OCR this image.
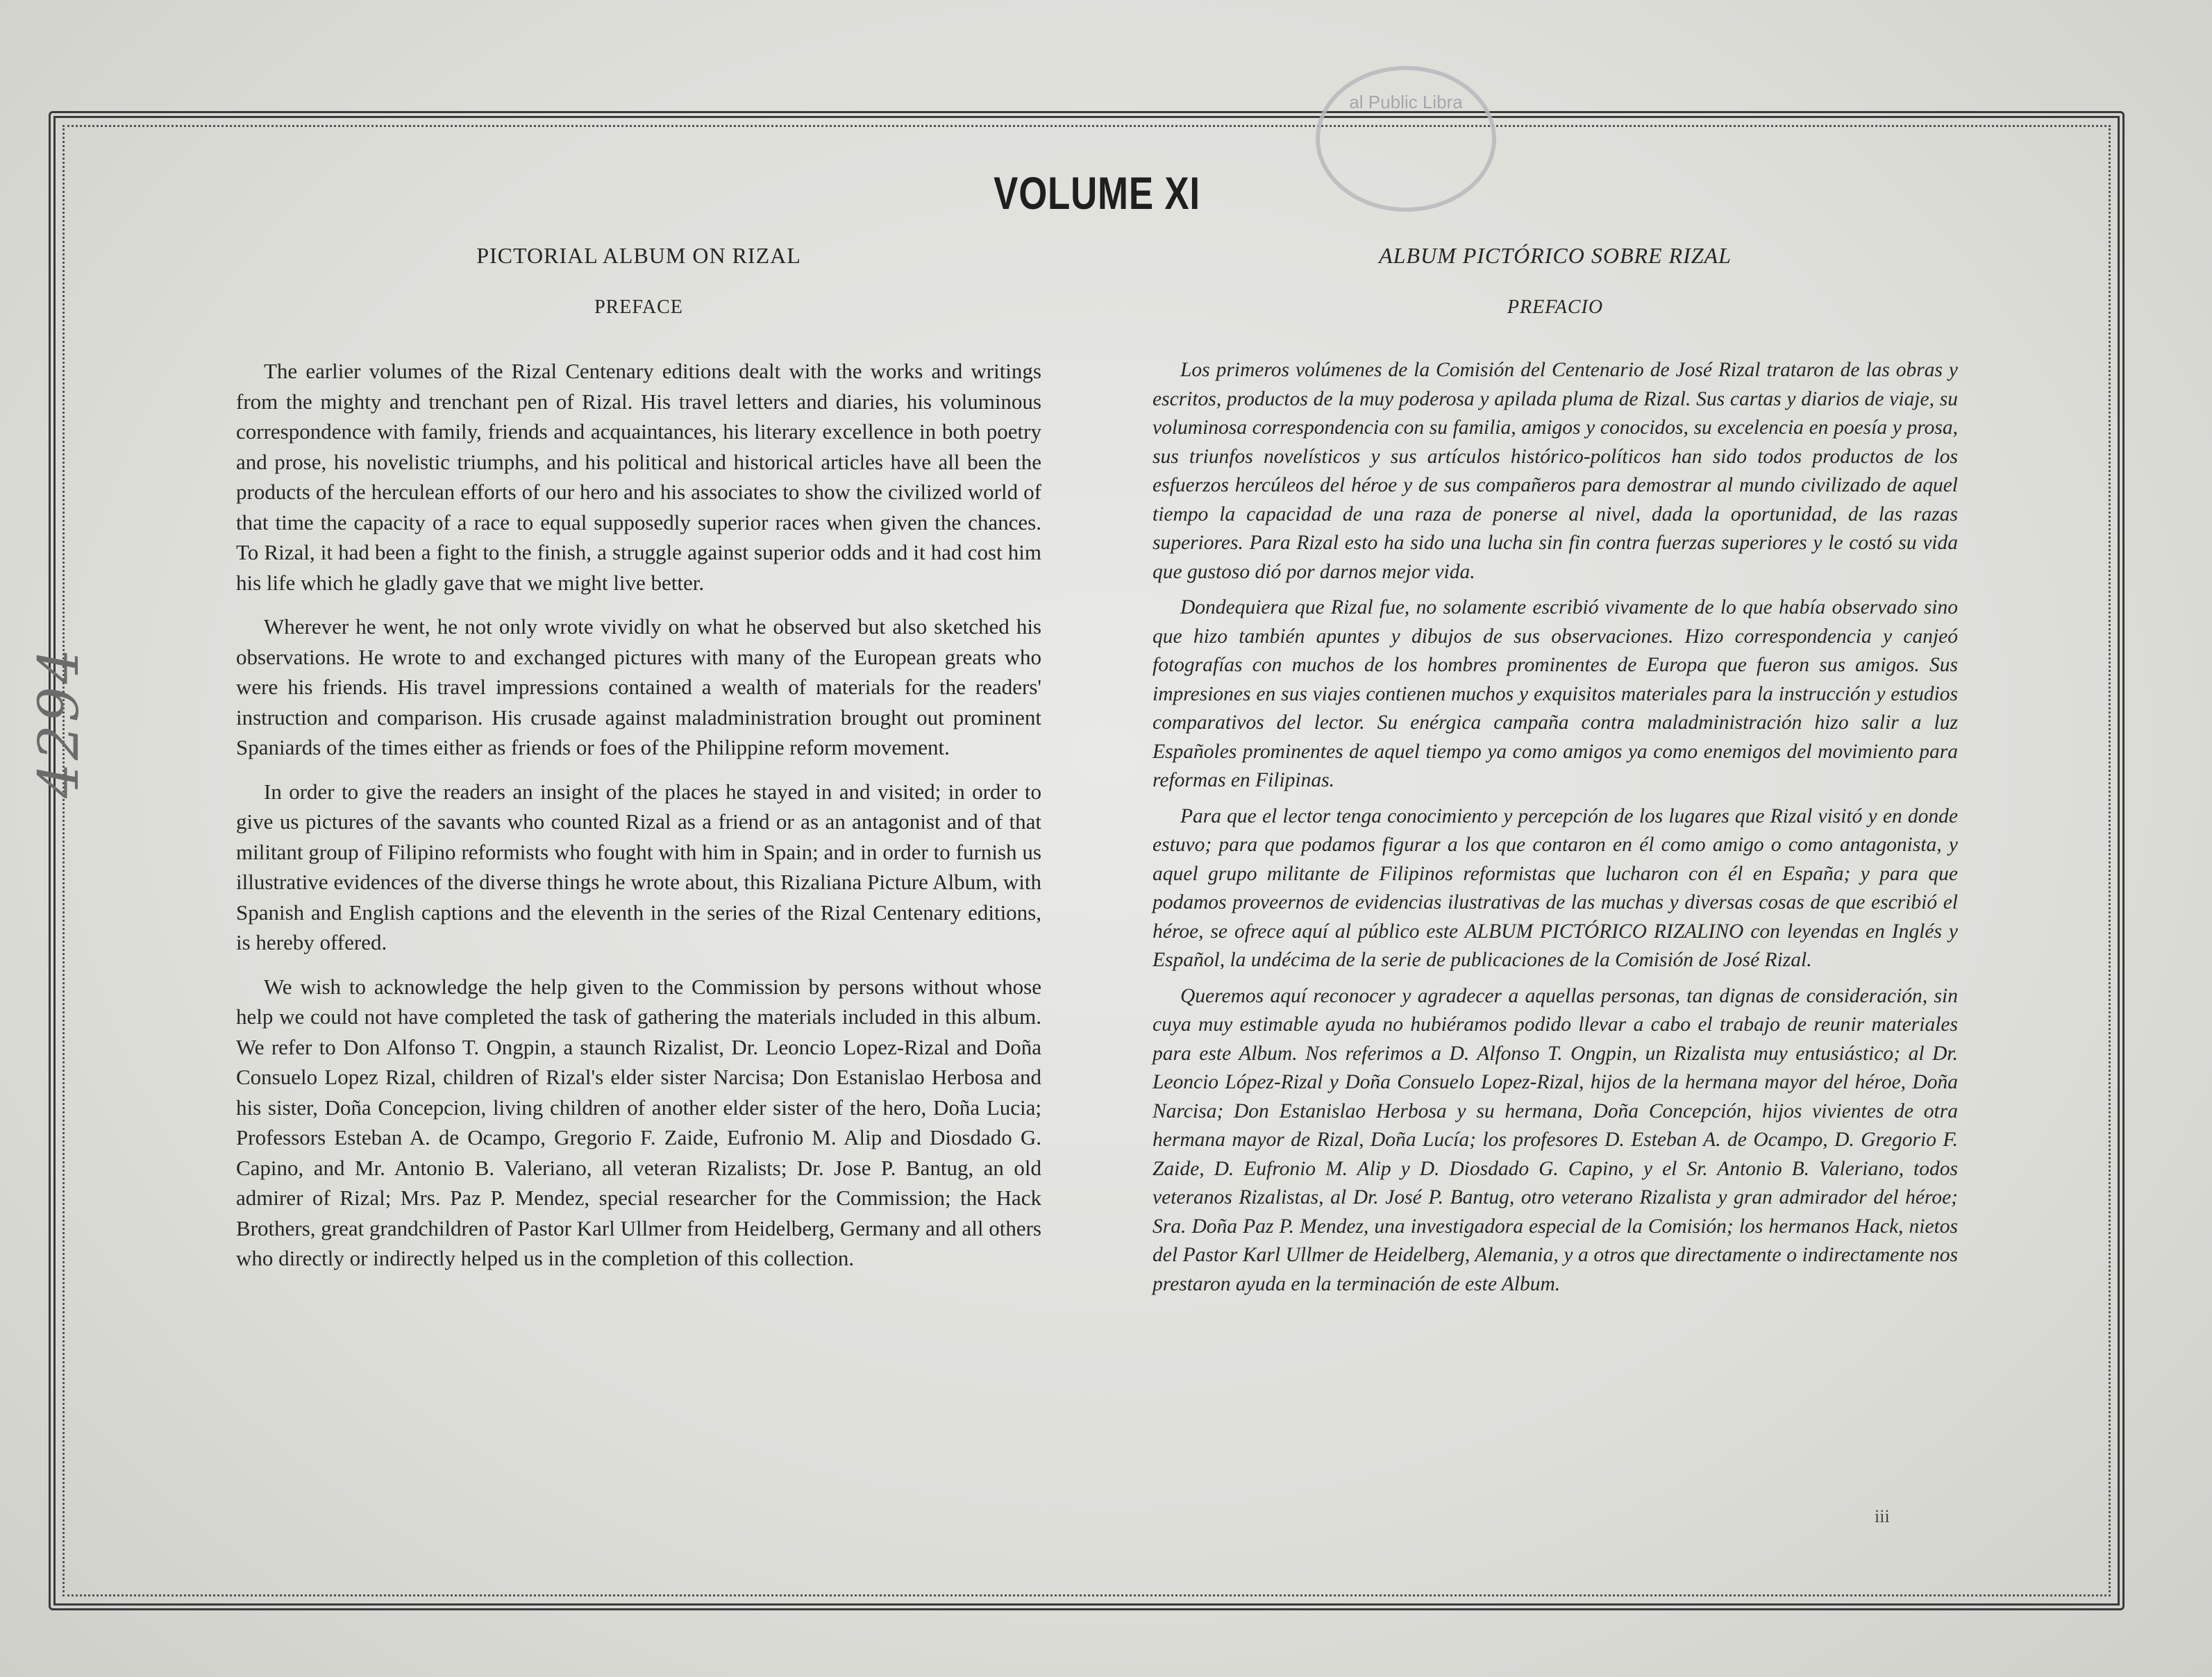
al Public Libra
4294
VOLUME XI
PICTORIAL ALBUM ON RIZAL
PREFACE

The earlier volumes of the Rizal Centenary editions dealt with the works and writings from the mighty and trenchant pen of Rizal. His travel letters and diaries, his voluminous correspondence with family, friends and acquaintances, his literary excellence in both poetry and prose, his novelistic triumphs, and his political and historical articles have all been the products of the herculean efforts of our hero and his associates to show the civilized world of that time the capacity of a race to equal supposedly superior races when given the chances. To Rizal, it had been a fight to the finish, a struggle against superior odds and it had cost him his life which he gladly gave that we might live better.

Wherever he went, he not only wrote vividly on what he observed but also sketched his observations. He wrote to and exchanged pictures with many of the European greats who were his friends. His travel impressions contained a wealth of materials for the readers' instruction and comparison. His crusade against maladministration brought out prominent Spaniards of the times either as friends or foes of the Philippine reform movement.

In order to give the readers an insight of the places he stayed in and visited; in order to give us pictures of the savants who counted Rizal as a friend or as an antagonist and of that militant group of Filipino reformists who fought with him in Spain; and in order to furnish us illustrative evidences of the diverse things he wrote about, this Rizaliana Picture Album, with Spanish and English captions and the eleventh in the series of the Rizal Centenary editions, is hereby offered.

We wish to acknowledge the help given to the Commission by persons without whose help we could not have completed the task of gathering the materials included in this album. We refer to Don Alfonso T. Ongpin, a staunch Rizalist, Dr. Leoncio Lopez-Rizal and Doña Consuelo Lopez Rizal, children of Rizal's elder sister Narcisa; Don Estanislao Herbosa and his sister, Doña Concepcion, living children of another elder sister of the hero, Doña Lucia; Professors Esteban A. de Ocampo, Gregorio F. Zaide, Eufronio M. Alip and Diosdado G. Capino, and Mr. Antonio B. Valeriano, all veteran Rizalists; Dr. Jose P. Bantug, an old admirer of Rizal; Mrs. Paz P. Mendez, special researcher for the Commission; the Hack Brothers, great grandchildren of Pastor Karl Ullmer from Heidelberg, Germany and all others who directly or indirectly helped us in the completion of this collection.

ALBUM PICTÓRICO SOBRE RIZAL
PREFACIO

Los primeros volúmenes de la Comisión del Centenario de José Rizal trataron de las obras y escritos, productos de la muy poderosa y apilada pluma de Rizal. Sus cartas y diarios de viaje, su voluminosa correspondencia con su familia, amigos y conocidos, su excelencia en poesía y prosa, sus triunfos novelísticos y sus artículos histórico-políticos han sido todos productos de los esfuerzos hercúleos del héroe y de sus compañeros para demostrar al mundo civilizado de aquel tiempo la capacidad de una raza de ponerse al nivel, dada la oportunidad, de las razas superiores. Para Rizal esto ha sido una lucha sin fin contra fuerzas superiores y le costó su vida que gustoso dió por darnos mejor vida.

Dondequiera que Rizal fue, no solamente escribió vivamente de lo que había observado sino que hizo también apuntes y dibujos de sus observaciones. Hizo correspondencia y canjeó fotografías con muchos de los hombres prominentes de Europa que fueron sus amigos. Sus impresiones en sus viajes contienen muchos y exquisitos materiales para la instrucción y estudios comparativos del lector. Su enérgica campaña contra maladministración hizo salir a luz Españoles prominentes de aquel tiempo ya como amigos ya como enemigos del movimiento para reformas en Filipinas.

Para que el lector tenga conocimiento y percepción de los lugares que Rizal visitó y en donde estuvo; para que podamos figurar a los que contaron en él como amigo o como antagonista, y aquel grupo militante de Filipinos reformistas que lucharon con él en España; y para que podamos proveernos de evidencias ilustrativas de las muchas y diversas cosas de que escribió el héroe, se ofrece aquí al público este ALBUM PICTÓRICO RIZALINO con leyendas en Inglés y Español, la undécima de la serie de publicaciones de la Comisión de José Rizal.

Queremos aquí reconocer y agradecer a aquellas personas, tan dignas de consideración, sin cuya muy estimable ayuda no hubiéramos podido llevar a cabo el trabajo de reunir materiales para este Album. Nos referimos a D. Alfonso T. Ongpin, un Rizalista muy entusiástico; al Dr. Leoncio López-Rizal y Doña Consuelo Lopez-Rizal, hijos de la hermana mayor del héroe, Doña Narcisa; Don Estanislao Herbosa y su hermana, Doña Concepción, hijos vivientes de otra hermana mayor de Rizal, Doña Lucía; los profesores D. Esteban A. de Ocampo, D. Gregorio F. Zaide, D. Eufronio M. Alip y D. Diosdado G. Capino, y el Sr. Antonio B. Valeriano, todos veteranos Rizalistas, al Dr. José P. Bantug, otro veterano Rizalista y gran admirador del héroe; Sra. Doña Paz P. Mendez, una investigadora especial de la Comisión; los hermanos Hack, nietos del Pastor Karl Ullmer de Heidelberg, Alemania, y a otros que directamente o indirectamente nos prestaron ayuda en la terminación de este Album.

iii
